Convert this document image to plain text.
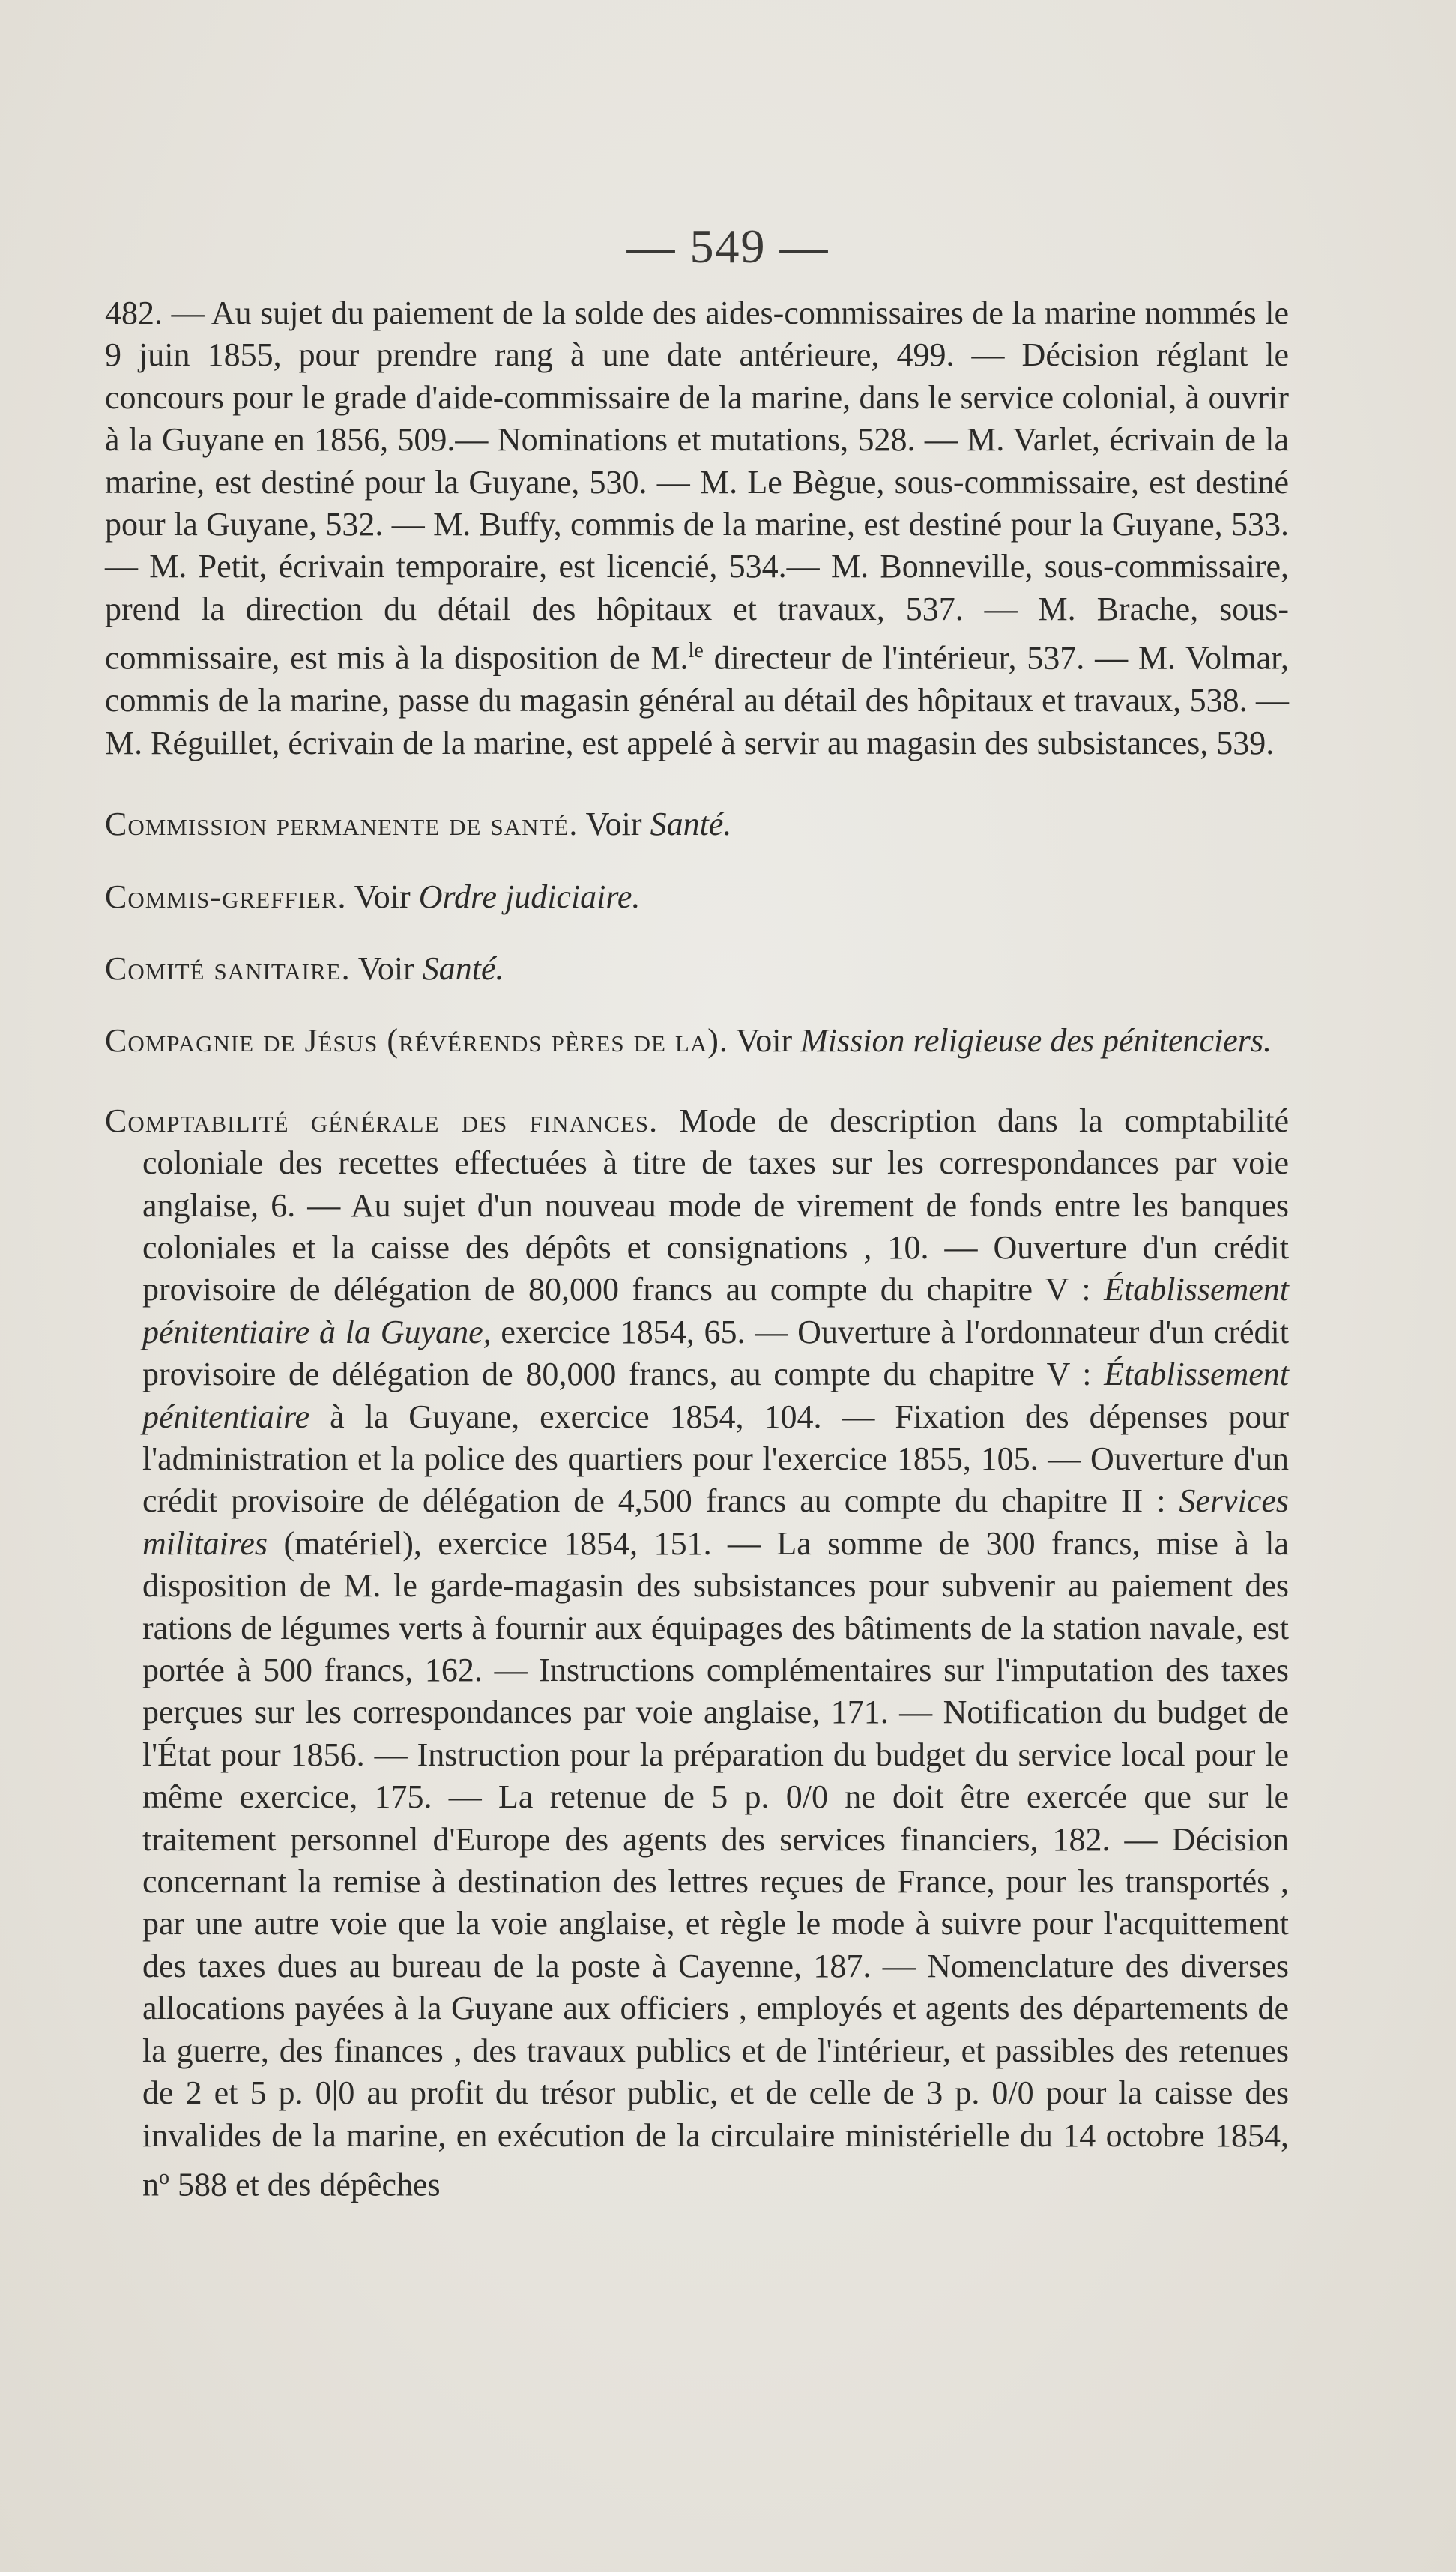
— 549 —

482. — Au sujet du paiement de la solde des aides-commissaires de la marine nommés le 9 juin 1855, pour prendre rang à une date antérieure, 499. — Décision réglant le concours pour le grade d'aide-commissaire de la marine, dans le service colonial, à ouvrir à la Guyane en 1856, 509.— Nominations et mutations, 528. — M. Varlet, écrivain de la marine, est destiné pour la Guyane, 530. — M. Le Bègue, sous-commissaire, est destiné pour la Guyane, 532. — M. Buffy, commis de la marine, est destiné pour la Guyane, 533. — M. Petit, écrivain temporaire, est licencié, 534.— M. Bonneville, sous-commissaire, prend la direction du détail des hôpitaux et travaux, 537. — M. Brache, sous-commissaire, est mis à la disposition de M.$^{le}$ directeur de l'intérieur, 537. — M. Volmar, commis de la marine, passe du magasin général au détail des hôpitaux et travaux, 538. — M. Réguillet, écrivain de la marine, est appelé à servir au magasin des subsistances, 539.

Commission permanente de santé. Voir Santé.

Commis-greffier. Voir Ordre judiciaire.

Comité sanitaire. Voir Santé.

Compagnie de Jésus (révérends pères de la). Voir Mission religieuse des pénitenciers.

Comptabilité générale des finances. Mode de description dans la comptabilité coloniale des recettes effectuées à titre de taxes sur les correspondances par voie anglaise, 6. — Au sujet d'un nouveau mode de virement de fonds entre les banques coloniales et la caisse des dépôts et consignations , 10. — Ouverture d'un crédit provisoire de délégation de 80,000 francs au compte du chapitre V : Établissement pénitentiaire à la Guyane, exercice 1854, 65. — Ouverture à l'ordonnateur d'un crédit provisoire de délégation de 80,000 francs, au compte du chapitre V : Établissement pénitentiaire à la Guyane, exercice 1854, 104. — Fixation des dépenses pour l'administration et la police des quartiers pour l'exercice 1855, 105. — Ouverture d'un crédit provisoire de délégation de 4,500 francs au compte du chapitre II : Services militaires (matériel), exercice 1854, 151. — La somme de 300 francs, mise à la disposition de M. le garde-magasin des subsistances pour subvenir au paiement des rations de légumes verts à fournir aux équipages des bâtiments de la station navale, est portée à 500 francs, 162. — Instructions complémentaires sur l'imputation des taxes perçues sur les correspondances par voie anglaise, 171. — Notification du budget de l'État pour 1856. — Instruction pour la préparation du budget du service local pour le même exercice, 175. — La retenue de 5 p. 0/0 ne doit être exercée que sur le traitement personnel d'Europe des agents des services financiers, 182. — Décision concernant la remise à destination des lettres reçues de France, pour les transportés , par une autre voie que la voie anglaise, et règle le mode à suivre pour l'acquittement des taxes dues au bureau de la poste à Cayenne, 187. — Nomenclature des diverses allocations payées à la Guyane aux officiers , employés et agents des départements de la guerre, des finances , des travaux publics et de l'intérieur, et passibles des retenues de 2 et 5 p. 0|0 au profit du trésor public, et de celle de 3 p. 0/0 pour la caisse des invalides de la marine, en exécution de la circulaire ministérielle du 14 octobre 1854, $n^o$ 588 et des dépêches
